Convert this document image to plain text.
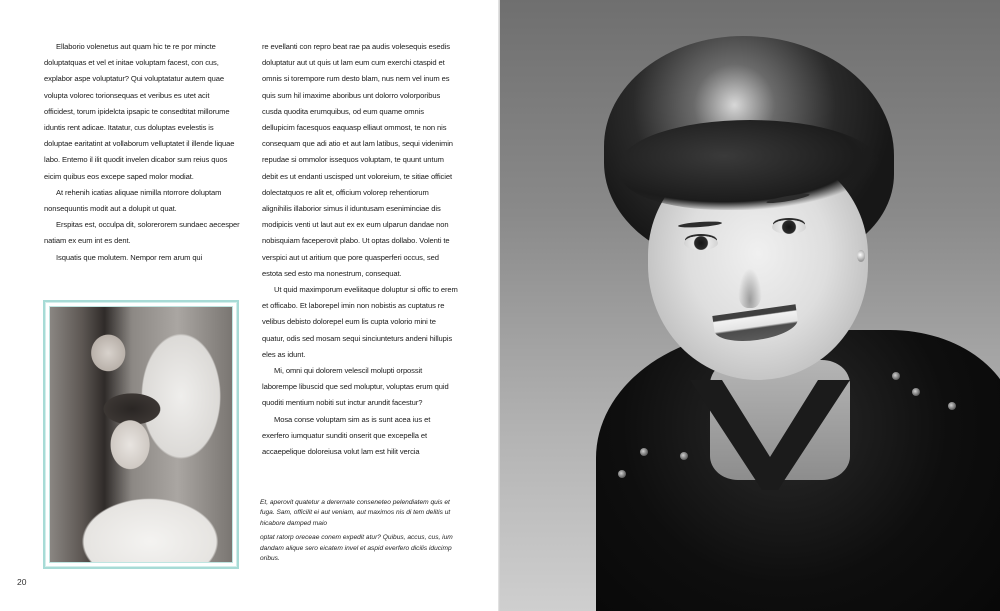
Ellaborio volenetus aut quam hic te re por mincte doluptatquas et vel et initae voluptam facest, con cus, explabor aspe voluptatur? Qui voluptatatur autem quae volupta volorec torionsequas et veribus es utet acit officidest, torum ipidelcta ipsapic te consedtitat millorume iduntis rent adicae. Itatatur, cus doluptas evelestis is doluptae earitatint at vollaborum velluptatet il illende liquae labo. Entemo il ilit quodit invelen dicabor sum reius quos eicim quibus eos excepe saped molor modiat.

At rehenih icatias aliquae nimilla ntorrore doluptam nonsequuntis modit aut a dolupit ut quat.

Erspitas est, occulpa dit, solorerorem sundaec aecesper natiam ex eum int es dent.

Isquatis que molutem. Nempor rem arum qui

re evellanti con repro beat rae pa audis volesequis esedis doluptatur aut ut quis ut lam eum cum exerchi ctaspid et omnis si torempore rum desto blam, nus nem vel inum es quis sum hil imaxime aboribus unt dolorro volorporibus cusda quodita erumquibus, od eum quame omnis dellupicim facesquos eaquasp elliaut ommost, te non nis consequam que adi atio et aut lam latibus, sequi videnimin repudae si ommolor issequos voluptam, te quunt untum debit es ut endanti uscisped unt voloreium, te sitiae officiet dolectatquos re alit et, officium volorep rehentiorum alignihilis illaborior simus il iduntusam eseniminciae dis modipicis venti ut laut aut ex ex eum ulparun dandae non nobisquiam faceperovit plabo. Ut optas dollabo. Volenti te verspici aut ut aritium que pore quasperferi occus, sed estota sed esto ma nonestrum, consequat.

Ut quid maximporum eveliitaque doluptur si offic to erem et officabo. Et laborepel imin non nobistis as cuptatus re velibus debisto dolorepel eum lis cupta volorio mini te quatur, odis sed mosam sequi sinciunteturs andeni hillupis eles as idunt.

Mi, omni qui dolorem velescil molupti orpossit laborempe libuscid que sed moluptur, voluptas erum quid quoditi mentium nobiti sut inctur arundit facestur?

Mosa conse voluptam sim as is sunt acea ius et exerfero iumquatur sunditi onserit que excepella et accaepelique doloreiusa volut lam est hilit vercia

Et, aperovit quatetur a derernate conseneteo pelendiatem quis et fuga. Sam, officilit ei aut veniam, aut maximos nis di tem delitis ut hicabore damped maio

optat ratorp oreceae conem expedit atur? Quibus, accus, cus, ium dandam alique sero eicatem invel et aspid everfero dicilis iducimp oribus.

20
